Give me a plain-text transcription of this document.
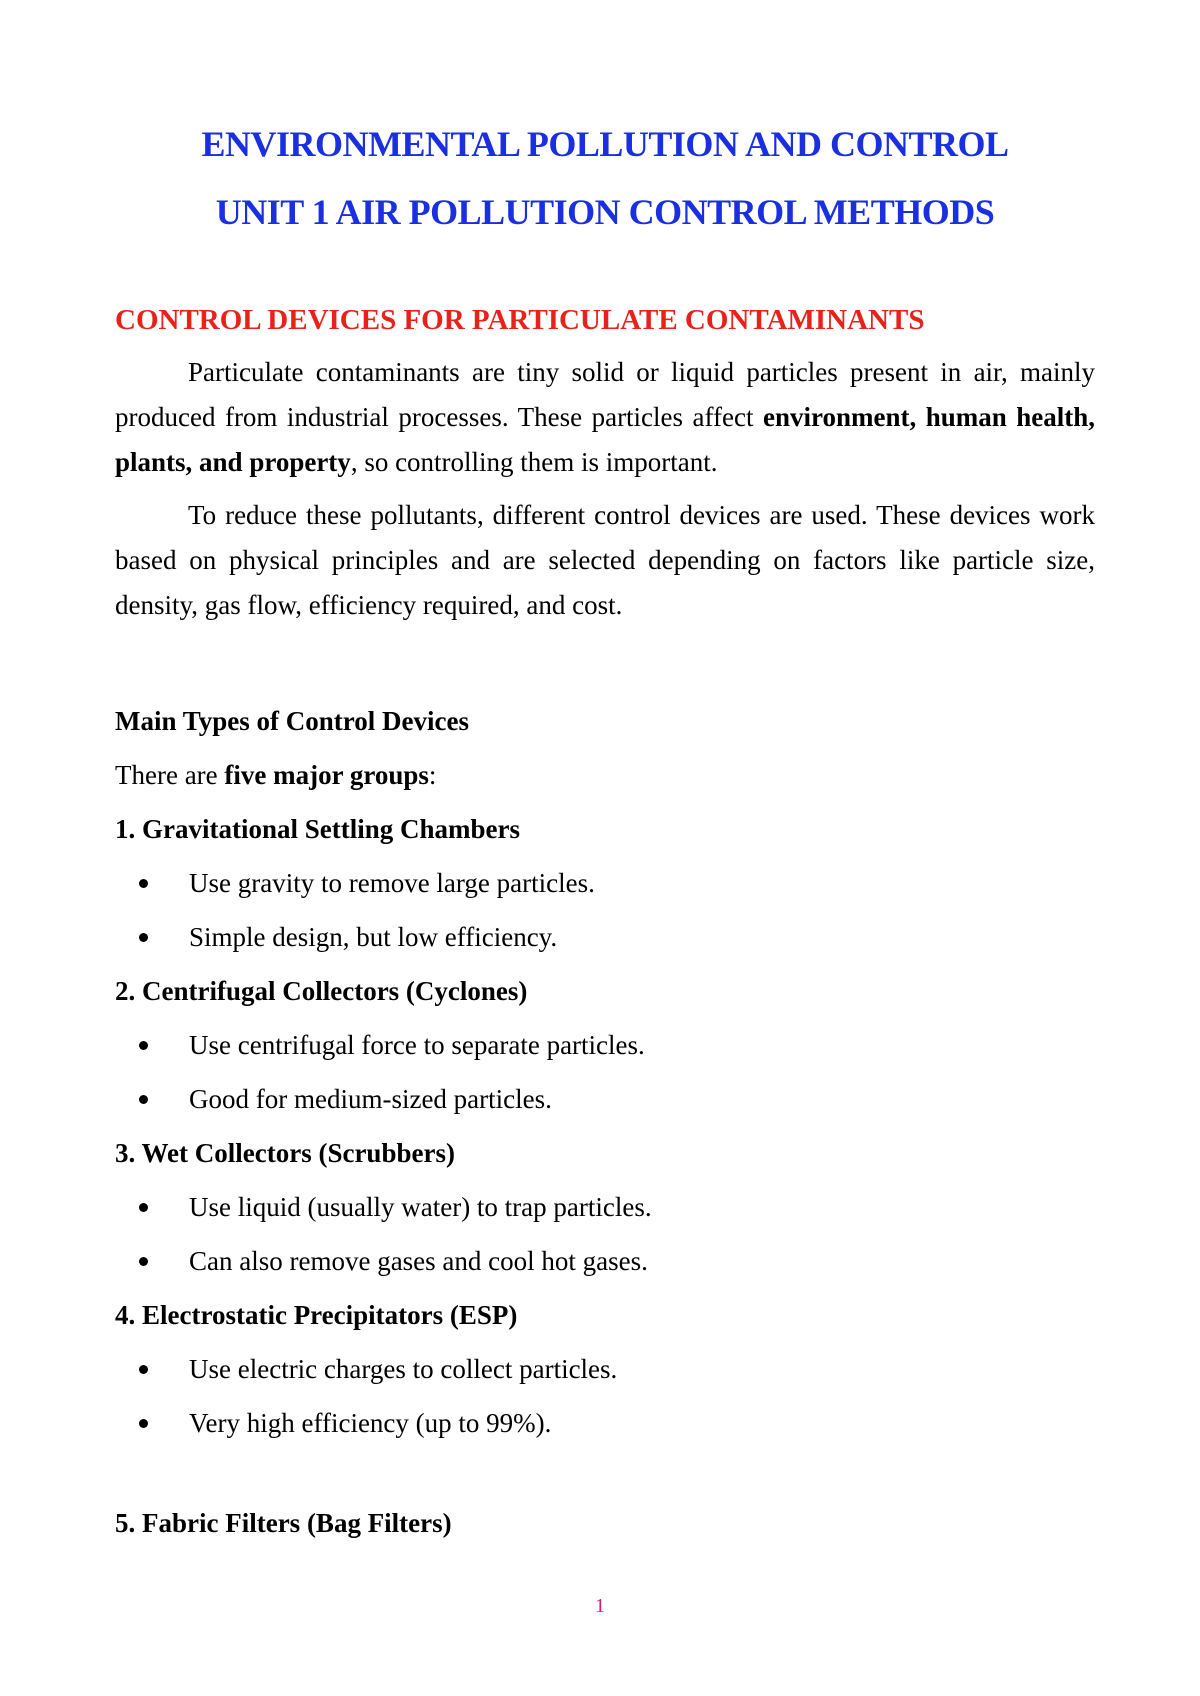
ENVIRONMENTAL POLLUTION AND CONTROL
UNIT 1 AIR POLLUTION CONTROL METHODS
CONTROL DEVICES FOR PARTICULATE CONTAMINANTS

Particulate contaminants are tiny solid or liquid particles present in air, mainly produced from industrial processes. These particles affect environment, human health, plants, and property, so controlling them is important.

To reduce these pollutants, different control devices are used. These devices work based on physical principles and are selected depending on factors like particle size, density, gas flow, efficiency required, and cost.

Main Types of Control Devices

There are five major groups:

1. Gravitational Settling Chambers

Use gravity to remove large particles.
Simple design, but low efficiency.

2. Centrifugal Collectors (Cyclones)

Use centrifugal force to separate particles.
Good for medium-sized particles.

3. Wet Collectors (Scrubbers)

Use liquid (usually water) to trap particles.
Can also remove gases and cool hot gases.

4. Electrostatic Precipitators (ESP)

Use electric charges to collect particles.
Very high efficiency (up to 99%).

5. Fabric Filters (Bag Filters)

1
